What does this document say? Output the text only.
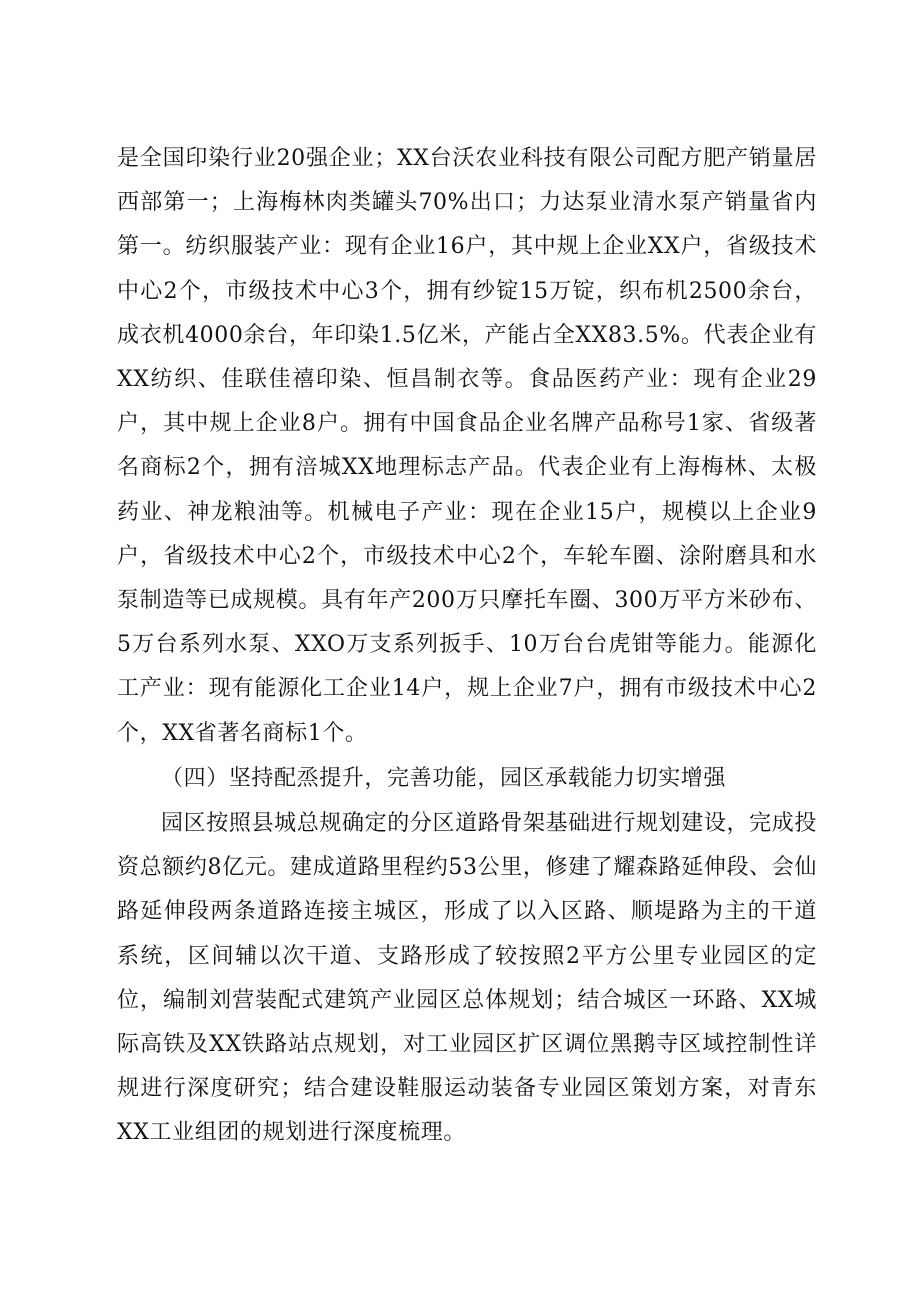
是全国印染行业20强企业；XX台沃农业科技有限公司配方肥产销量居西部第一；上海梅林肉类罐头70%出口；力达泵业清水泵产销量省内第一。纺织服装产业：现有企业16户，其中规上企业XX户，省级技术中心2个，市级技术中心3个，拥有纱锭15万锭，织布机2500余台，成衣机4000余台，年印染1.5亿米，产能占全XX83.5%。代表企业有XX纺织、佳联佳禧印染、恒昌制衣等。食品医药产业：现有企业29户，其中规上企业8户。拥有中国食品企业名牌产品称号1家、省级著名商标2个，拥有涪城XX地理标志产品。代表企业有上海梅林、太极药业、神龙粮油等。机械电子产业：现在企业15户，规模以上企业9户，省级技术中心2个，市级技术中心2个，车轮车圈、涂附磨具和水泵制造等已成规模。具有年产200万只摩托车圈、300万平方米砂布、5万台系列水泵、XXO万支系列扳手、10万台台虎钳等能力。能源化工产业：现有能源化工企业14户，规上企业7户，拥有市级技术中心2个，XX省著名商标1个。

（四）坚持配烝提升，完善功能，园区承载能力切实增强

园区按照县城总规确定的分区道路骨架基础进行规划建设，完成投资总额约8亿元。建成道路里程约53公里，修建了耀森路延伸段、会仙路延伸段两条道路连接主城区，形成了以入区路、顺堤路为主的干道系统，区间辅以次干道、支路形成了较按照2平方公里专业园区的定位，编制刘营装配式建筑产业园区总体规划；结合城区一环路、XX城际高铁及XX铁路站点规划，对工业园区扩区调位黑鹅寺区域控制性详规进行深度研究；结合建设鞋服运动装备专业园区策划方案，对青东XX工业组团的规划进行深度梳理。
